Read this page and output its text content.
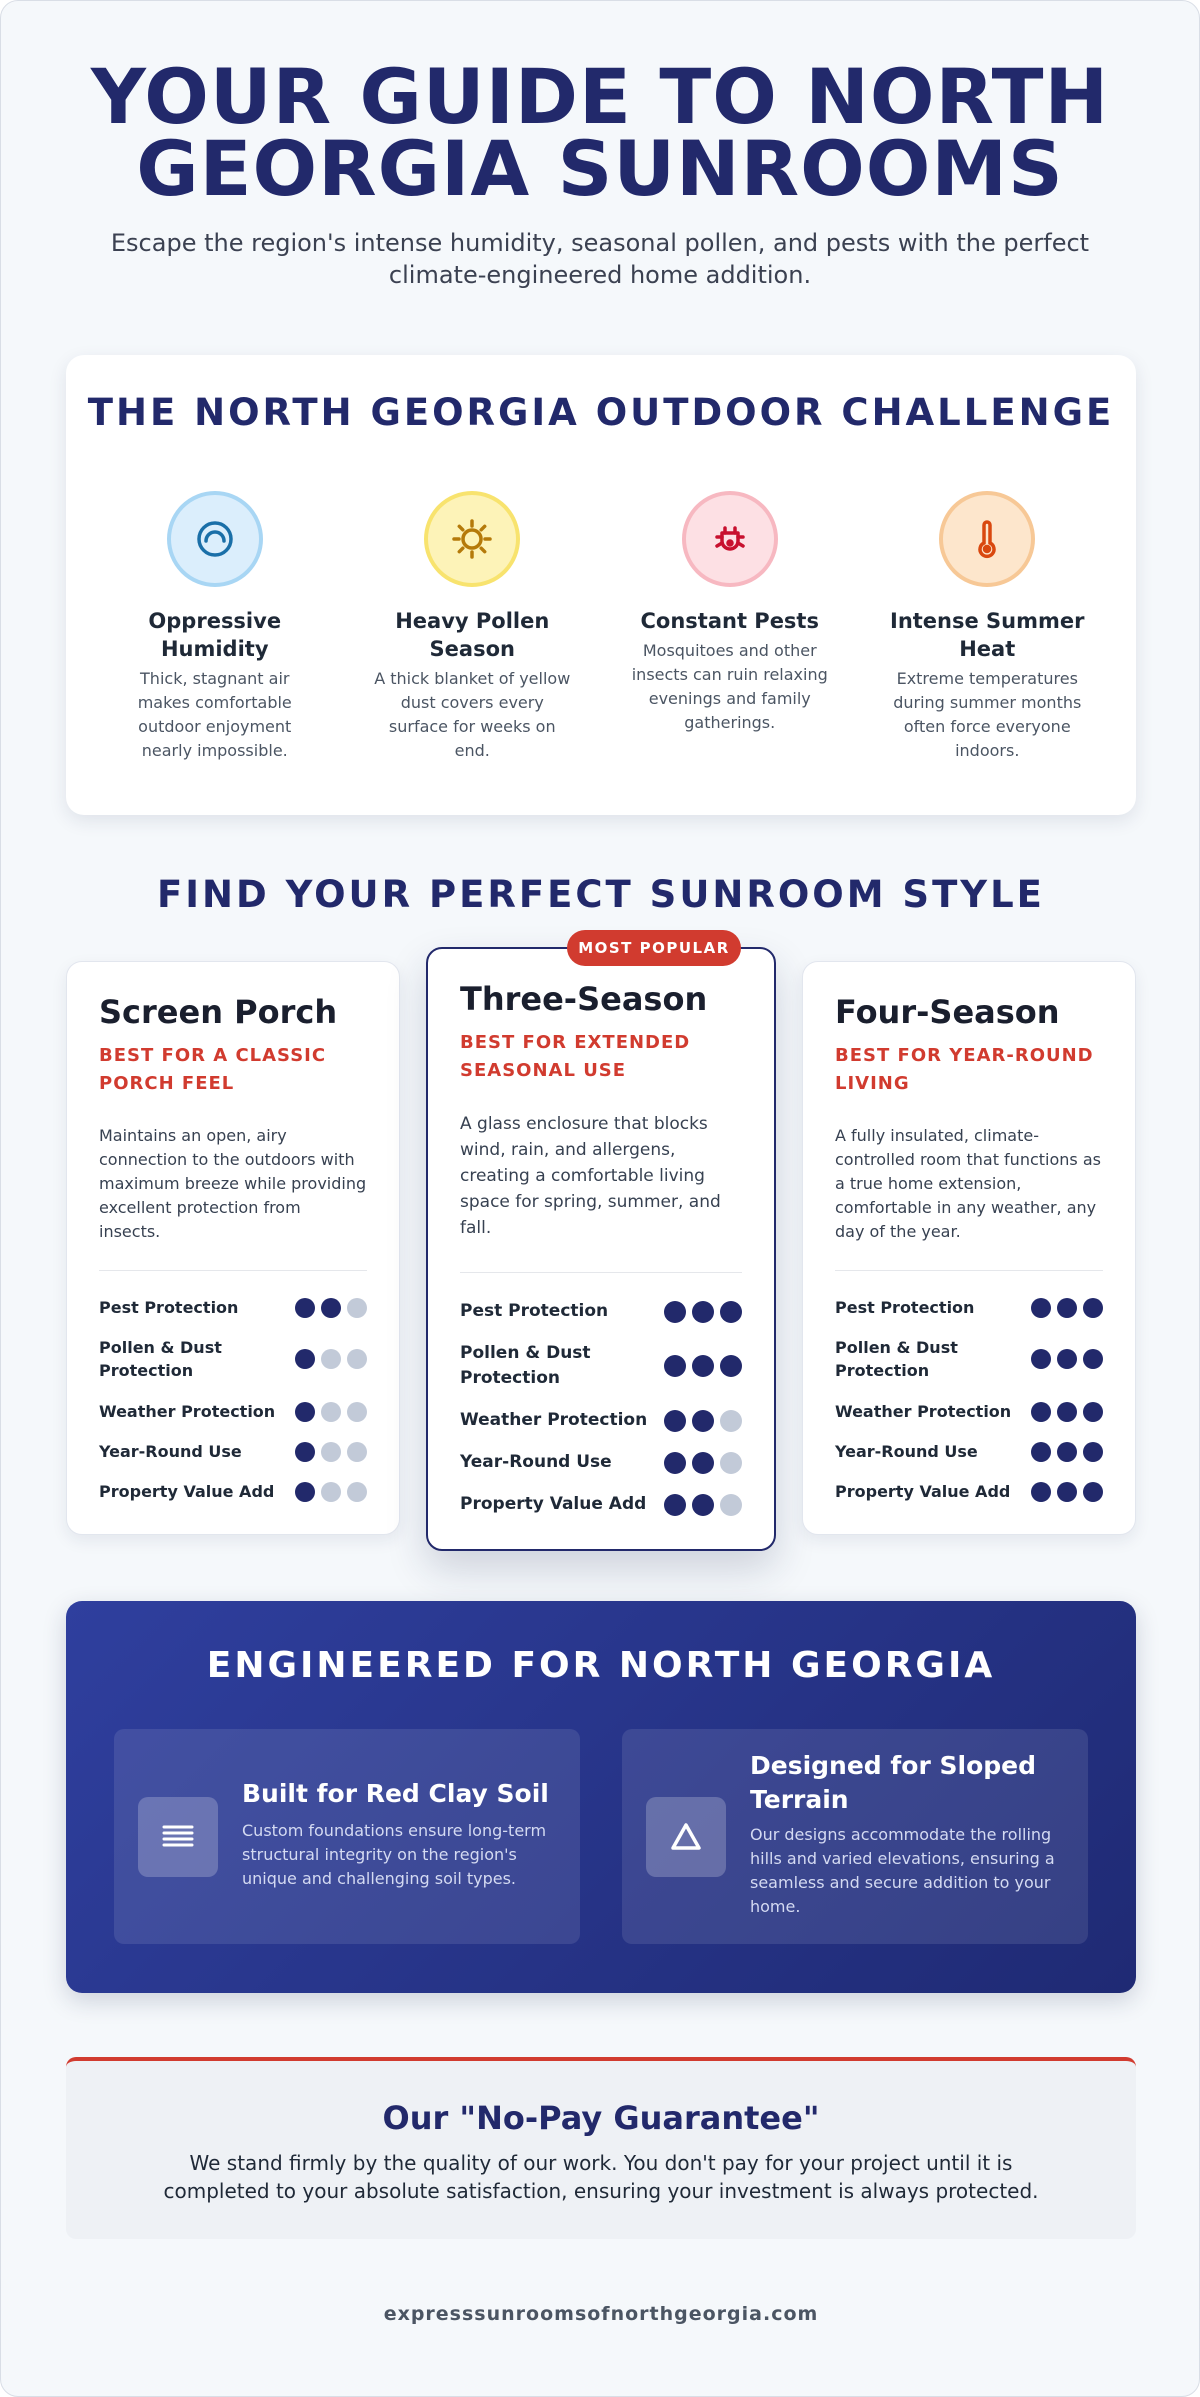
YOUR GUIDE TO NORTH
GEORGIA SUNROOMS

Escape the region's intense humidity, seasonal pollen, and pests with the perfect climate-engineered home addition.

THE NORTH GEORGIA OUTDOOR CHALLENGE
Oppressive Humidity
Thick, stagnant air makes comfortable outdoor enjoyment nearly impossible.
Heavy Pollen Season
A thick blanket of yellow dust covers every surface for weeks on end.
Constant Pests
Mosquitoes and other insects can ruin relaxing evenings and family gatherings.
Intense Summer Heat
Extreme temperatures during summer months often force everyone indoors.
FIND YOUR PERFECT SUNROOM STYLE
MOST POPULAR
Screen Porch
BEST FOR A CLASSIC PORCH FEEL
Maintains an open, airy connection to the outdoors with maximum breeze while providing excellent protection from insects.
Pest Protection
Pollen & Dust Protection
Weather Protection
Year-Round Use
Property Value Add
Three-Season
BEST FOR EXTENDED SEASONAL USE
A glass enclosure that blocks wind, rain, and allergens, creating a comfortable living space for spring, summer, and fall.
Pest Protection
Pollen & Dust Protection
Weather Protection
Year-Round Use
Property Value Add
Four-Season
BEST FOR YEAR-ROUND LIVING
A fully insulated, climate-controlled room that functions as a true home extension, comfortable in any weather, any day of the year.
Pest Protection
Pollen & Dust Protection
Weather Protection
Year-Round Use
Property Value Add
ENGINEERED FOR NORTH GEORGIA
Built for Red Clay Soil
Custom foundations ensure long-term structural integrity on the region's unique and challenging soil types.
Designed for Sloped Terrain
Our designs accommodate the rolling hills and varied elevations, ensuring a seamless and secure addition to your home.
Our "No-Pay Guarantee"

We stand firmly by the quality of our work. You don't pay for your project until it is completed to your absolute satisfaction, ensuring your investment is always protected.

expresssunroomsofnorthgeorgia.com
